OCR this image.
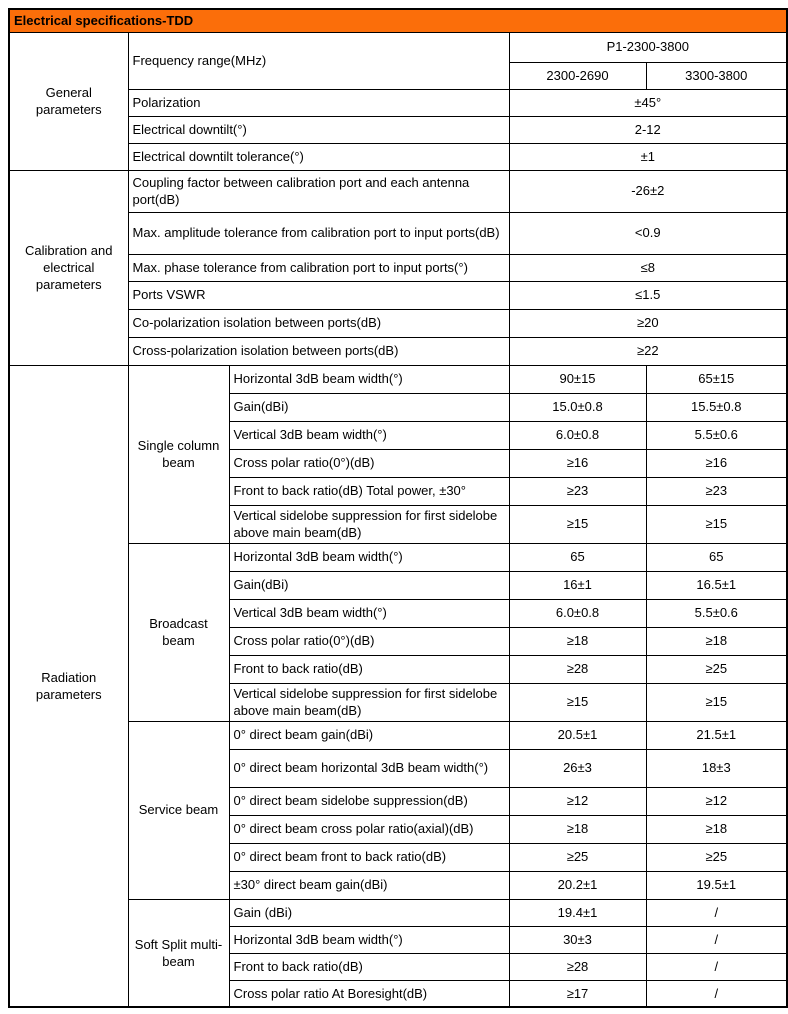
Electrical specifications-TDD				
General parameters	Frequency range(MHz)		P1-2300-3800	
			2300-2690	3300-3800
	Polarization		±45°	
	Electrical downtilt(°)		2-12	
	Electrical downtilt tolerance(°)		±1	
Calibration and electrical parameters	Coupling factor between calibration port and each antenna port(dB)		-26±2	
	Max. amplitude tolerance from calibration port to input ports(dB)		<0.9	
	Max. phase tolerance from calibration port to input ports(°)		≤8	
	Ports VSWR		≤1.5	
	Co-polarization isolation between ports(dB)		≥20	
	Cross-polarization isolation between ports(dB)		≥22	
Radiation parameters	Single column beam	Horizontal 3dB beam width(°)	90±15	65±15
		Gain(dBi)	15.0±0.8	15.5±0.8
		Vertical 3dB beam width(°)	6.0±0.8	5.5±0.6
		Cross polar ratio(0°)(dB)	≥16	≥16
		Front to back ratio(dB) Total power, ±30°	≥23	≥23
		Vertical sidelobe suppression for first sidelobe above main beam(dB)	≥15	≥15
	Broadcast beam	Horizontal 3dB beam width(°)	65	65
		Gain(dBi)	16±1	16.5±1
		Vertical 3dB beam width(°)	6.0±0.8	5.5±0.6
		Cross polar ratio(0°)(dB)	≥18	≥18
		Front to back ratio(dB)	≥28	≥25
		Vertical sidelobe suppression for first sidelobe above main beam(dB)	≥15	≥15
	Service beam	0° direct beam gain(dBi)	20.5±1	21.5±1
		0° direct beam horizontal 3dB beam width(°)	26±3	18±3
		0° direct beam sidelobe suppression(dB)	≥12	≥12
		0° direct beam cross polar ratio(axial)(dB)	≥18	≥18
		0° direct beam front to back ratio(dB)	≥25	≥25
		±30° direct beam gain(dBi)	20.2±1	19.5±1
	Soft Split multi-beam	Gain (dBi)	19.4±1	/
		Horizontal 3dB beam width(°)	30±3	/
		Front to back ratio(dB)	≥28	/
		Cross polar ratio At Boresight(dB)	≥17	/
